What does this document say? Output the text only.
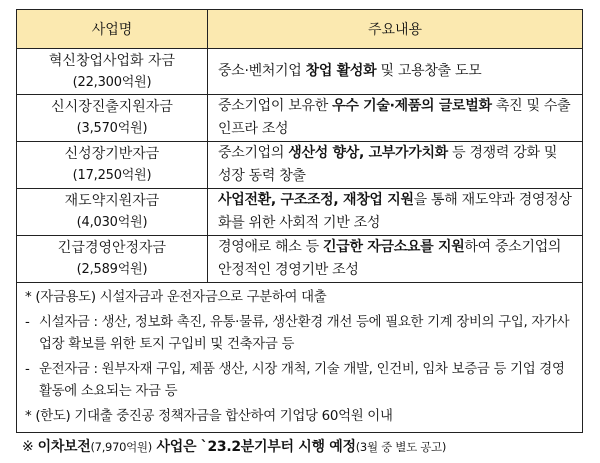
사업명	주요내용

혁신창업사업화 자금
(22,300억원)	중소·벤처기업 창업 활성화 및 고용창출 도모

신시장진출지원자금
(3,570억원)	중소기업이 보유한 우수 기술·제품의 글로벌화 촉진 및 수출 인프라 조성

신성장기반자금
(17,250억원)	중소기업의 생산성 향상, 고부가가치화 등 경쟁력 강화 및 성장 동력 창출

재도약지원자금
(4,030억원)	사업전환, 구조조정, 재창업 지원을 통해 재도약과 경영정상화를 위한 사회적 기반 조성

긴급경영안정자금
(2,589억원)	경영애로 해소 등 긴급한 자금소요를 지원하여 중소기업의 안정적인 경영기반 조성

* (자금용도) 시설자금과 운전자금으로 구분하여 대출
- 시설자금 : 생산, 정보화 촉진, 유통·물류, 생산환경 개선 등에 필요한 기계 장비의 구입, 자가사업장 확보를 위한 토지 구입비 및 건축자금 등
- 운전자금 : 원부자재 구입, 제품 생산, 시장 개척, 기술 개발, 인건비, 임차 보증금 등 기업 경영활동에 소요되는 자금 등
* (한도) 기대출 중진공 정책자금을 합산하여 기업당 60억원 이내	
※ 이차보전(7,970억원) 사업은 `23.2분기부터 시행 예정(3월 중 별도 공고)
